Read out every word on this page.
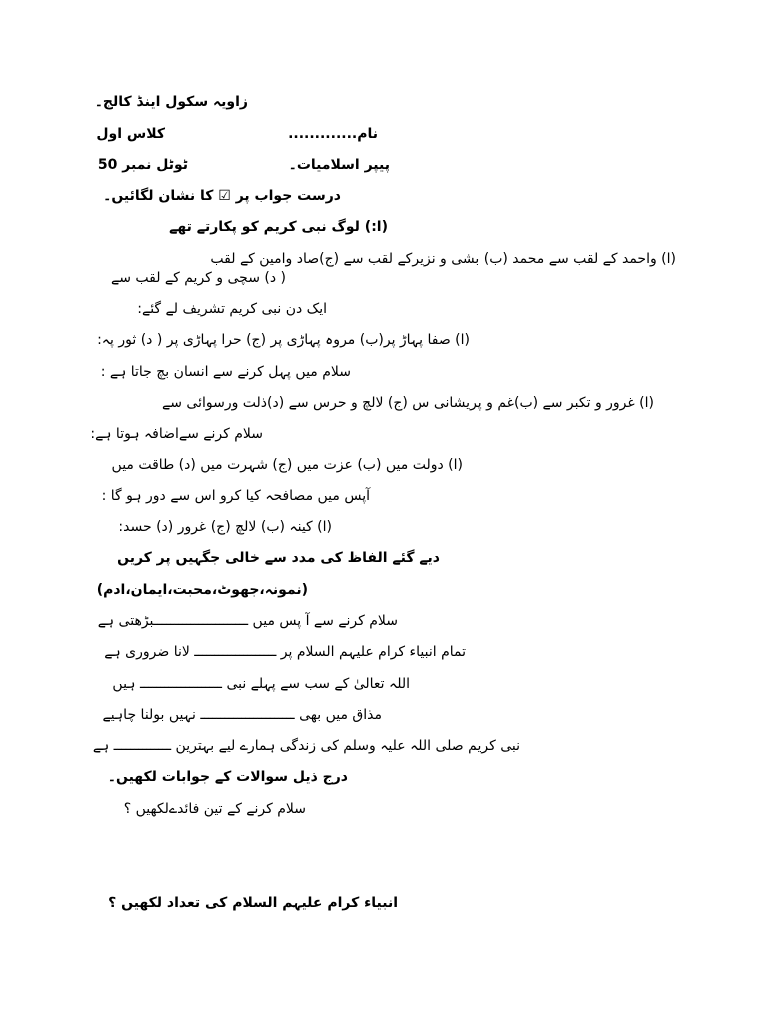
زاویہ سکول اینڈ کالج۔
نام.............
کلاس اول
پیپر اسلامیات۔
ٹوٹل نمبر 50
درست جواب پر ☑ کا نشان لگائیں۔
(ا:) لوگ نبی کریم کو پکارتے تھے
(ا) واحمد کے لقب سے محمد (ب) بشی و نزیرکے لقب سے (ج)صاد وامین کے لقب
( د) سچی و کریم کے لقب سے
ایک دن نبی کریم تشریف لے گئے:
(ا) صفا پہاڑ پر(ب) مروہ پہاڑی پر (ج) حرا پہاڑی پر ( د) ثور پہ:
سلام میں پہل کرنے سے انسان بچ جاتا ہے :
(ا) غرور و تکبر سے (ب)غم و پریشانی س (ج) لالچ و حرس سے (د)ذلت ورسوائی سے
سلام کرنے سےاضافہ ہوتا ہے:
(ا) دولت میں (ب) عزت میں (ج) شہرت میں (د) طاقت میں
آپس میں مصافحہ کیا کرو اس سے دور ہو گا :
(ا) کینہ (ب) لالچ (ج) غرور (د) حسد:
دیے گئے الفاظ کی مدد سے خالی جگہیں پر کریں
(نمونہ،جھوٹ،محبت،ایمان،ادم)
سلام کرنے سے آ پس میں ـــــــــــــــــــــــبڑھتی ہے
تمام انبیاء کرام علیہم السلام پر ــــــــــــــــــــ لانا ضروری ہے
اللہ تعالیٰ کے سب سے پہلے نبی ــــــــــــــــــــ ہیں
مذاق میں بھی ـــــــــــــــــــــــ نہیں بولنا چاہیے
نبی کریم صلی اللہ علیہ وسلم کی زندگی ہمارے لیے بہترین ــــــــــــــ ہے
درج ذیل سوالات کے جوابات لکھیں۔
سلام کرنے کے تین فائدےلکھیں ؟
انبیاء کرام علیہم السلام کی تعداد لکھیں ؟
